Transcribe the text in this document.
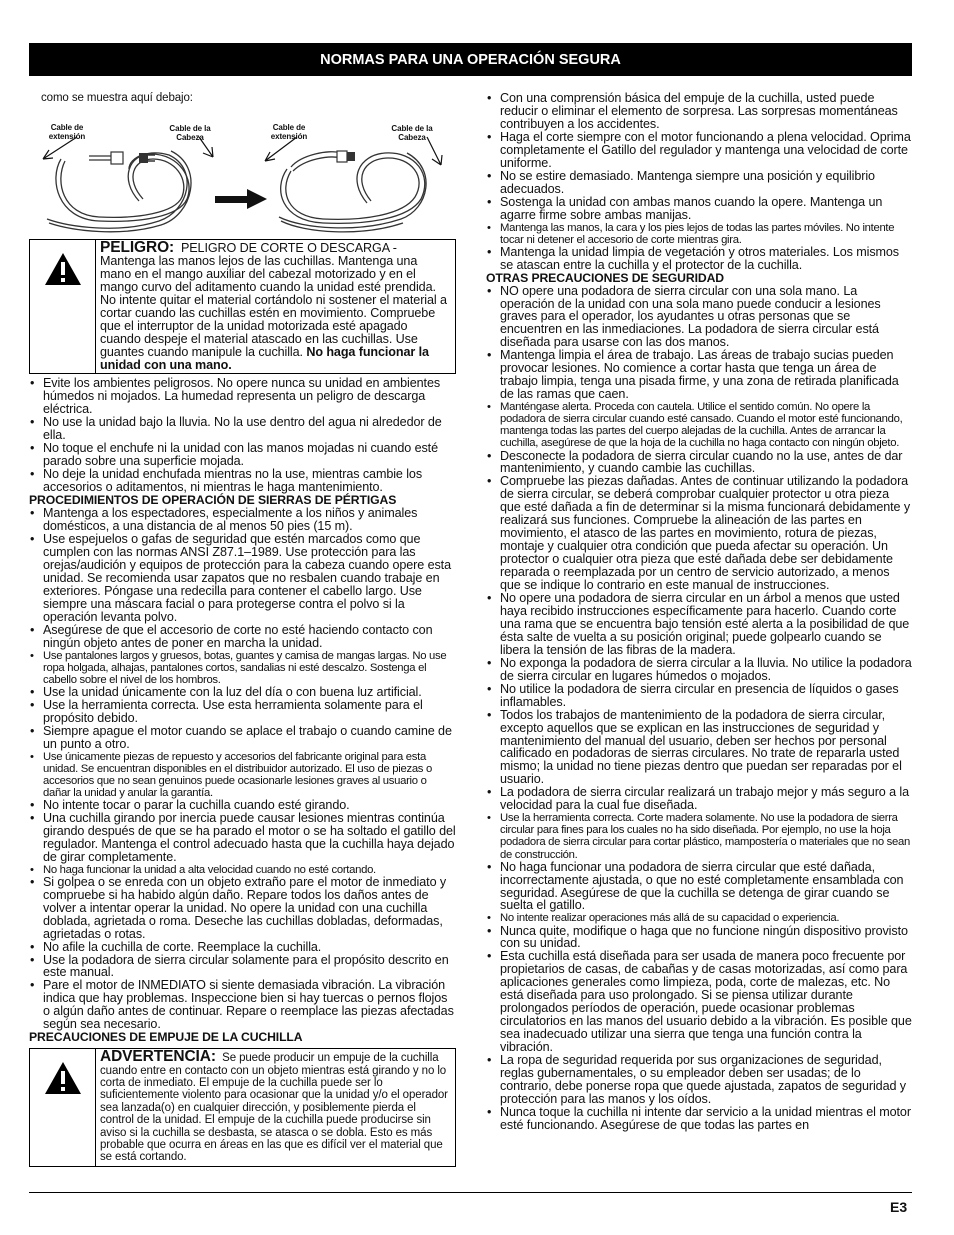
NORMAS PARA UNA OPERACIÓN SEGURA
como se muestra aquí debajo:
Cable de extensión
Cable de la Cabeza
Cable de extensión
Cable de la Cabeza
PELIGRO: PELIGRO DE CORTE O DESCARGA - Mantenga las manos lejos de las cuchillas. Mantenga una mano en el mango auxiliar del cabezal motorizado y en el mango curvo del aditamento cuando la unidad esté prendida. No intente quitar el material cortándolo ni sostener el material a cortar cuando las cuchillas estén en movimiento. Compruebe que el interruptor de la unidad motorizada esté apagado cuando despeje el material atascado en las cuchillas. Use guantes cuando manipule la cuchilla. No haga funcionar la unidad con una mano.
• Evite los ambientes peligrosos. No opere nunca su unidad en ambientes húmedos ni mojados. La humedad representa un peligro de descarga eléctrica.
• No use la unidad bajo la lluvia. No la use dentro del agua ni alrededor de ella.
• No toque el enchufe ni la unidad con las manos mojadas ni cuando esté parado sobre una superficie mojada.
• No deje la unidad enchufada mientras no la use, mientras cambie los accesorios o aditamentos, ni mientras le haga mantenimiento.
PROCEDIMIENTOS DE OPERACIÓN DE SIERRAS DE PÉRTIGAS
• Mantenga a los espectadores, especialmente a los niños y animales domésticos, a una distancia de al menos 50 pies (15 m).
• Use espejuelos o gafas de seguridad que estén marcados como que cumplen con las normas ANSI Z87.1–1989. Use protección para las orejas/audición y equipos de protección para la cabeza cuando opere esta unidad. Se recomienda usar zapatos que no resbalen cuando trabaje en exteriores. Póngase una redecilla para contener el cabello largo. Use siempre una máscara facial o para protegerse contra el polvo si la operación levanta polvo.
• Asegúrese de que el accesorio de corte no esté haciendo contacto con ningún objeto antes de poner en marcha la unidad.
• Use pantalones largos y gruesos, botas, guantes y camisa de mangas largas. No use ropa holgada, alhajas, pantalones cortos, sandalias ni esté descalzo. Sostenga el cabello sobre el nivel de los hombros.
• Use la unidad únicamente con la luz del día o con buena luz artificial.
• Use la herramienta correcta. Use esta herramienta solamente para el propósito debido.
• Siempre apague el motor cuando se aplace el trabajo o cuando camine de un punto a otro.
• Use únicamente piezas de repuesto y accesorios del fabricante original para esta unidad. Se encuentran disponibles en el distribuidor autorizado. El uso de piezas o accesorios que no sean genuinos puede ocasionarle lesiones graves al usuario o dañar la unidad y anular la garantía.
• No intente tocar o parar la cuchilla cuando esté girando.
• Una cuchilla girando por inercia puede causar lesiones mientras continúa girando después de que se ha parado el motor o se ha soltado el gatillo del regulador. Mantenga el control adecuado hasta que la cuchilla haya dejado de girar completamente.
• No haga funcionar la unidad a alta velocidad cuando no esté cortando.
• Si golpea o se enreda con un objeto extraño pare el motor de inmediato y compruebe si ha habido algún daño. Repare todos los daños antes de volver a intentar operar la unidad. No opere la unidad con una cuchilla doblada, agrietada o roma. Deseche las cuchillas dobladas, deformadas, agrietadas o rotas.
• No afile la cuchilla de corte. Reemplace la cuchilla.
• Use la podadora de sierra circular solamente para el propósito descrito en este manual.
• Pare el motor de INMEDIATO si siente demasiada vibración. La vibración indica que hay problemas. Inspeccione bien si hay tuercas o pernos flojos o algún daño antes de continuar. Repare o reemplace las piezas afectadas según sea necesario.
PRECAUCIONES DE EMPUJE DE LA CUCHILLA
ADVERTENCIA: Se puede producir un empuje de la cuchilla cuando entre en contacto con un objeto mientras está girando y no lo corta de inmediato. El empuje de la cuchilla puede ser lo suficientemente violento para ocasionar que la unidad y/o el operador sea lanzada(o) en cualquier dirección, y posiblemente pierda el control de la unidad. El empuje de la cuchilla puede producirse sin aviso si la cuchilla se desbasta, se atasca o se dobla. Esto es más probable que ocurra en áreas en las que es difícil ver el material que se está cortando.
• Con una comprensión básica del empuje de la cuchilla, usted puede reducir o eliminar el elemento de sorpresa. Las sorpresas momentáneas contribuyen a los accidentes.
• Haga el corte siempre con el motor funcionando a plena velocidad. Oprima completamente el Gatillo del regulador y mantenga una velocidad de corte uniforme.
• No se estire demasiado. Mantenga siempre una posición y equilibrio adecuados.
• Sostenga la unidad con ambas manos cuando la opere. Mantenga un agarre firme sobre ambas manijas.
• Mantenga las manos, la cara y los pies lejos de todas las partes móviles. No intente tocar ni detener el accesorio de corte mientras gira.
• Mantenga la unidad limpia de vegetación y otros materiales. Los mismos se atascan entre la cuchilla y el protector de la cuchilla.
OTRAS PRECAUCIONES DE SEGURIDAD
• NO opere una podadora de sierra circular con una sola mano. La operación de la unidad con una sola mano puede conducir a lesiones graves para el operador, los ayudantes u otras personas que se encuentren en las inmediaciones. La podadora de sierra circular está diseñada para usarse con las dos manos.
• Mantenga limpia el área de trabajo. Las áreas de trabajo sucias pueden provocar lesiones. No comience a cortar hasta que tenga un área de trabajo limpia, tenga una pisada firme, y una zona de retirada planificada de las ramas que caen.
• Manténgase alerta. Proceda con cautela. Utilice el sentido común. No opere la podadora de sierra circular cuando esté cansado. Cuando el motor esté funcionando, mantenga todas las partes del cuerpo alejadas de la cuchilla. Antes de arrancar la cuchilla, asegúrese de que la hoja de la cuchilla no haga contacto con ningún objeto.
• Desconecte la podadora de sierra circular cuando no la use, antes de dar mantenimiento, y cuando cambie las cuchillas.
• Compruebe las piezas dañadas. Antes de continuar utilizando la podadora de sierra circular, se deberá comprobar cualquier protector u otra pieza que esté dañada a fin de determinar si la misma funcionará debidamente y realizará sus funciones. Compruebe la alineación de las partes en movimiento, el atasco de las partes en movimiento, rotura de piezas, montaje y cualquier otra condición que pueda afectar su operación. Un protector o cualquier otra pieza que esté dañada debe ser debidamente reparada o reemplazada por un centro de servicio autorizado, a menos que se indique lo contrario en este manual de instrucciones.
• No opere una podadora de sierra circular en un árbol a menos que usted haya recibido instrucciones específicamente para hacerlo. Cuando corte una rama que se encuentra bajo tensión esté alerta a la posibilidad de que ésta salte de vuelta a su posición original; puede golpearlo cuando se libera la tensión de las fibras de la madera.
• No exponga la podadora de sierra circular a la lluvia. No utilice la podadora de sierra circular en lugares húmedos o mojados.
• No utilice la podadora de sierra circular en presencia de líquidos o gases inflamables.
• Todos los trabajos de mantenimiento de la podadora de sierra circular, excepto aquellos que se explican en las instrucciones de seguridad y mantenimiento del manual del usuario, deben ser hechos por personal calificado en podadoras de sierras circulares. No trate de repararla usted mismo; la unidad no tiene piezas dentro que puedan ser reparadas por el usuario.
• La podadora de sierra circular realizará un trabajo mejor y más seguro a la velocidad para la cual fue diseñada.
• Use la herramienta correcta. Corte madera solamente. No use la podadora de sierra circular para fines para los cuales no ha sido diseñada. Por ejemplo, no use la hoja podadora de sierra circular para cortar plástico, mampostería o materiales que no sean de construcción.
• No haga funcionar una podadora de sierra circular que esté dañada, incorrectamente ajustada, o que no esté completamente ensamblada con seguridad. Asegúrese de que la cuchilla se detenga de girar cuando se suelta el gatillo.
• No intente realizar operaciones más allá de su capacidad o experiencia.
• Nunca quite, modifique o haga que no funcione ningún dispositivo provisto con su unidad.
• Esta cuchilla está diseñada para ser usada de manera poco frecuente por propietarios de casas, de cabañas y de casas motorizadas, así como para aplicaciones generales como limpieza, poda, corte de malezas, etc. No está diseñada para uso prolongado. Si se piensa utilizar durante prolongados períodos de operación, puede ocasionar problemas circulatorios en las manos del usuario debido a la vibración. Es posible que sea inadecuado utilizar una sierra que tenga una función contra la vibración.
• La ropa de seguridad requerida por sus organizaciones de seguridad, reglas gubernamentales, o su empleador deben ser usadas; de lo contrario, debe ponerse ropa que quede ajustada, zapatos de seguridad y protección para las manos y los oídos.
• Nunca toque la cuchilla ni intente dar servicio a la unidad mientras el motor esté funcionando. Asegúrese de que todas las partes en
E3
